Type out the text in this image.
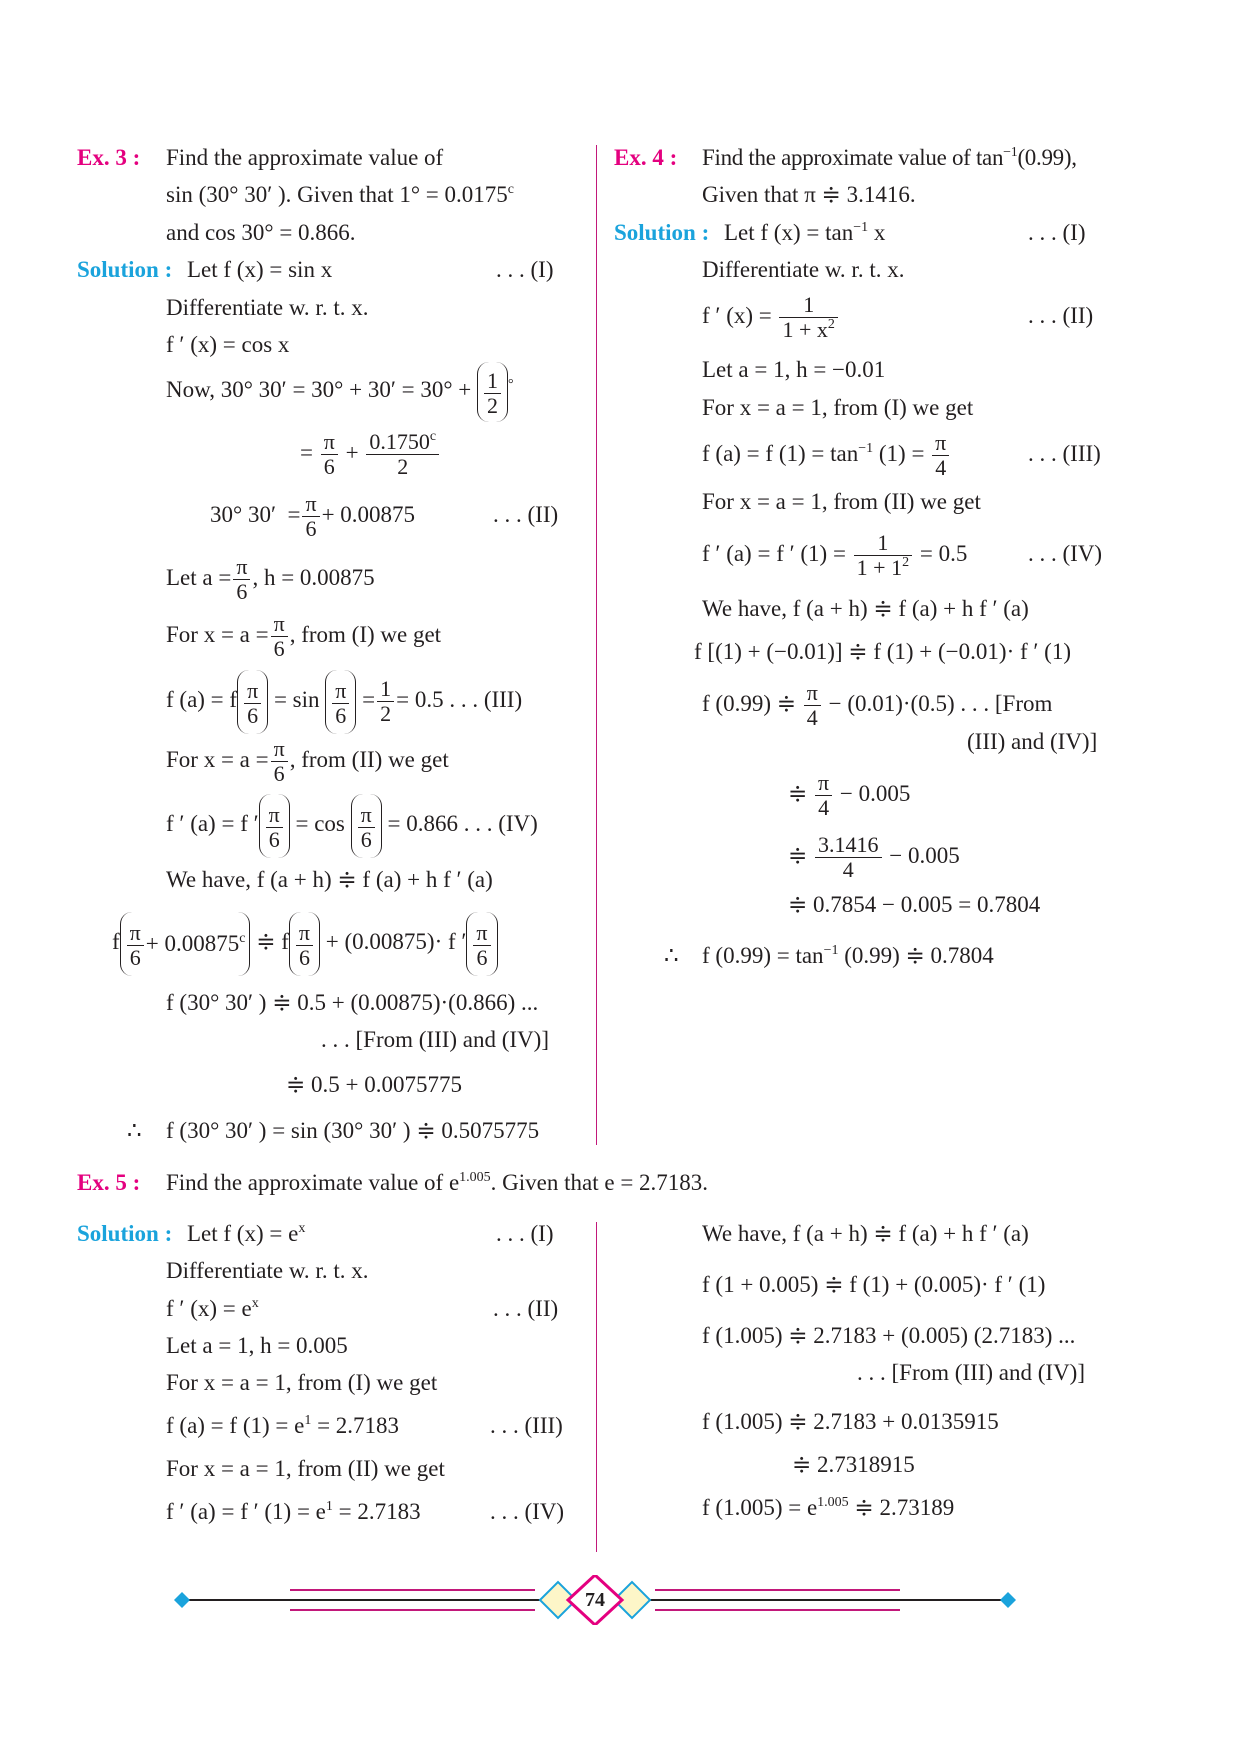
Ex. 3 : Find the approximate value of
sin (30° 30′ ). Given that 1° = 0.0175$^c$
and cos 30° = 0.866.
Solution : Let f (x) = sin x	. . . (I)
Differentiate w. r. t. x.
f ′ (x) = cos x
Now, 30° $30' = 30^\circ + 30' = 30^\circ + \frac{1}{2} ^\circ$
= $\frac{\pi}{6} + \frac{0.1750^c}{2}$
30° $30' = \frac{\pi}{6} + 0.00875$	. . . (II)
Let $a = \frac{\pi}{6}$ , h = 0.00875
For $x = a = \frac{\pi}{6}$ , from (I) we get
f (a) = f $\frac{\pi}{6} = \sin \frac{\pi}{6} = \frac{1}{2} = 0.5$ . . . (III)
For $x = a = \frac{\pi}{6}$ , from (II) we get
f ′ (a) = f ′ $\frac{\pi}{6} = \cos \frac{\pi}{6} = 0.866$ . . . (IV)
We have, f (a + h) ≑ f (a) + h f ′ (a)
f $\frac{\pi}{6} + 0.00875^c$ ≑ f $\frac{\pi}{6} + (0.00875)\cdot f$ ′ $\frac{\pi}{6}$
f (30° 30′ ) ≑ 0.5 + (0.00875)·(0.866) ...
. . . [From (III) and (IV)]
≑ 0.5 + 0.0075775
∴ f (30° 30′ ) = sin (30° 30′ ) ≑ 0.5075775
Ex. 4 : Find the approximate value of $\tan^{-1}(0.99)$,
Given that π ≑ 3.1416.
Solution : Let f $(x) = \tan^{-1} x$	. . . (I)
Differentiate w. r. t. x.
f ′ $(x) = \frac{1}{1 + x^2}$	. . . (II)
Let a = 1, h = −0.01
For x = a = 1, from (I) we get
f (a) = f $(1) = \tan^{-1} (1) = \frac{\pi}{4}$	. . . (III)
For x = a = 1, from (II) we get
f ′ (a) = f ′ $(1) = \frac{1}{1 + 1^2} = 0.5$	. . . (IV)
We have, f (a + h) ≑ f (a) + h f ′ (a)
f [(1) + (−0.01)] ≑ f (1) + (−0.01)· f ′ (1)
f (0.99) ≑ $\frac{\pi}{4} - (0.01)\cdot(0.5)$ . . . [From
(III) and (IV)]
≑ $\frac{\pi}{4} - 0.005$
≑ $\frac{3.1416}{4} - 0.005$
≑ 0.7854 − 0.005 = 0.7804
∴ f $(0.99) = \tan^{-1} (0.99)$ ≑ 0.7804
Ex. 5 : Find the approximate value of $e^{1.005}$. Given that e = 2.7183.
Solution : Let f $(x) = e^x$	. . . (I)
Differentiate w. r. t. x.
f ′ $(x) = e^x$	. . . (II)
Let a = 1, h = 0.005
For x = a = 1, from (I) we get
f (a) = f $(1) = e^1 = 2.7183$	. . . (III)
For x = a = 1, from (II) we get
f ′ (a) = f ′ $(1) = e^1 = 2.7183$	. . . (IV)
We have, f (a + h) ≑ f (a) + h f ′ (a)
f (1 + 0.005) ≑ f (1) + (0.005)· f ′ (1)
f (1.005) ≑ 2.7183 + (0.005) (2.7183) ...
. . . [From (III) and (IV)]
f (1.005) ≑ 2.7183 + 0.0135915
≑ 2.7318915
f $(1.005) = e^{1.005}$ ≑ 2.73189
74
